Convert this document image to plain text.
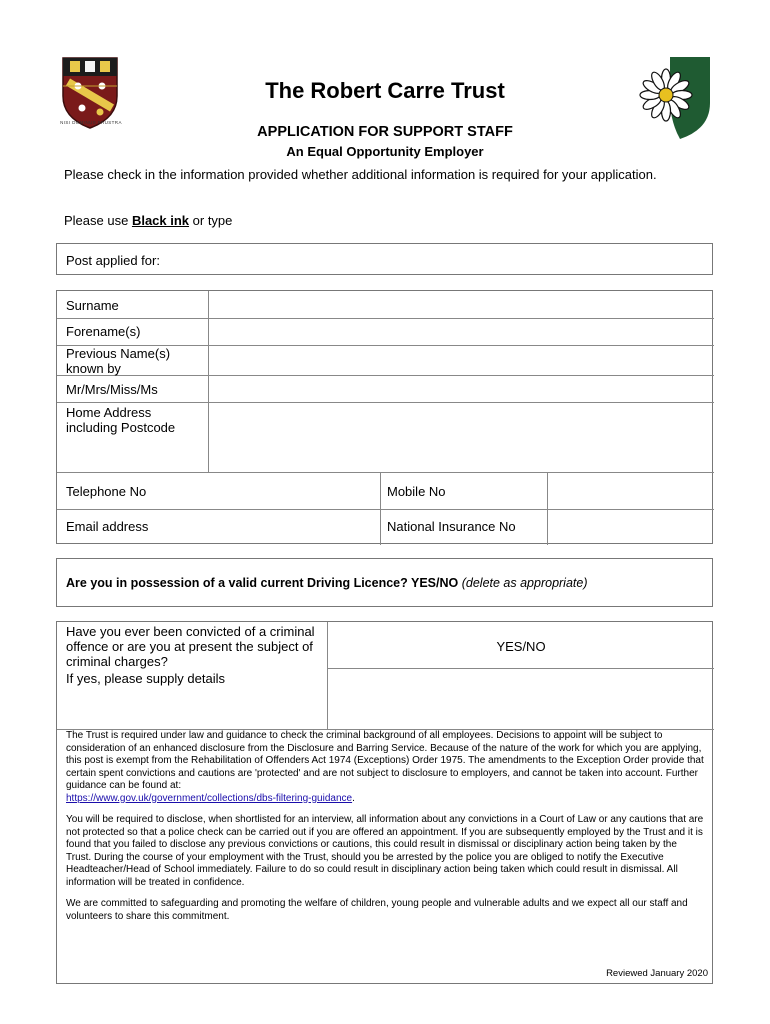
NISI DOMINUS FRUSTRA
The Robert Carre Trust
APPLICATION FOR SUPPORT STAFF
An Equal Opportunity Employer
Please check in the information provided whether additional information is required for your application.
Please use Black ink or type
Post applied for:
Surname
Forename(s)
Previous Name(s) known by
Mr/Mrs/Miss/Ms
Home Address including Postcode
Telephone No	Mobile No
Email address	National Insurance No
Are you in possession of a valid current Driving Licence? YES/NO (delete as appropriate)
Have you ever been convicted of a criminal offence or are you at present the subject of criminal charges?
If yes, please supply details
YES/NO

The Trust is required under law and guidance to check the criminal background of all employees. Decisions to appoint will be subject to consideration of an enhanced disclosure from the Disclosure and Barring Service. Because of the nature of the work for which you are applying, this post is exempt from the Rehabilitation of Offenders Act 1974 (Exceptions) Order 1975. The amendments to the Exception Order provide that certain spent convictions and cautions are 'protected' and are not subject to disclosure to employers, and cannot be taken into account. Further guidance can be found at:
https://www.gov.uk/government/collections/dbs-filtering-guidance.

You will be required to disclose, when shortlisted for an interview, all information about any convictions in a Court of Law or any cautions that are not protected so that a police check can be carried out if you are offered an appointment. If you are subsequently employed by the Trust and it is found that you failed to disclose any previous convictions or cautions, this could result in dismissal or disciplinary action being taken by the Trust. During the course of your employment with the Trust, should you be arrested by the police you are obliged to notify the Executive Headteacher/Head of School immediately. Failure to do so could result in disciplinary action being taken which could result in dismissal. All information will be treated in confidence.

We are committed to safeguarding and promoting the welfare of children, young people and vulnerable adults and we expect all our staff and volunteers to share this commitment.

Reviewed January 2020
